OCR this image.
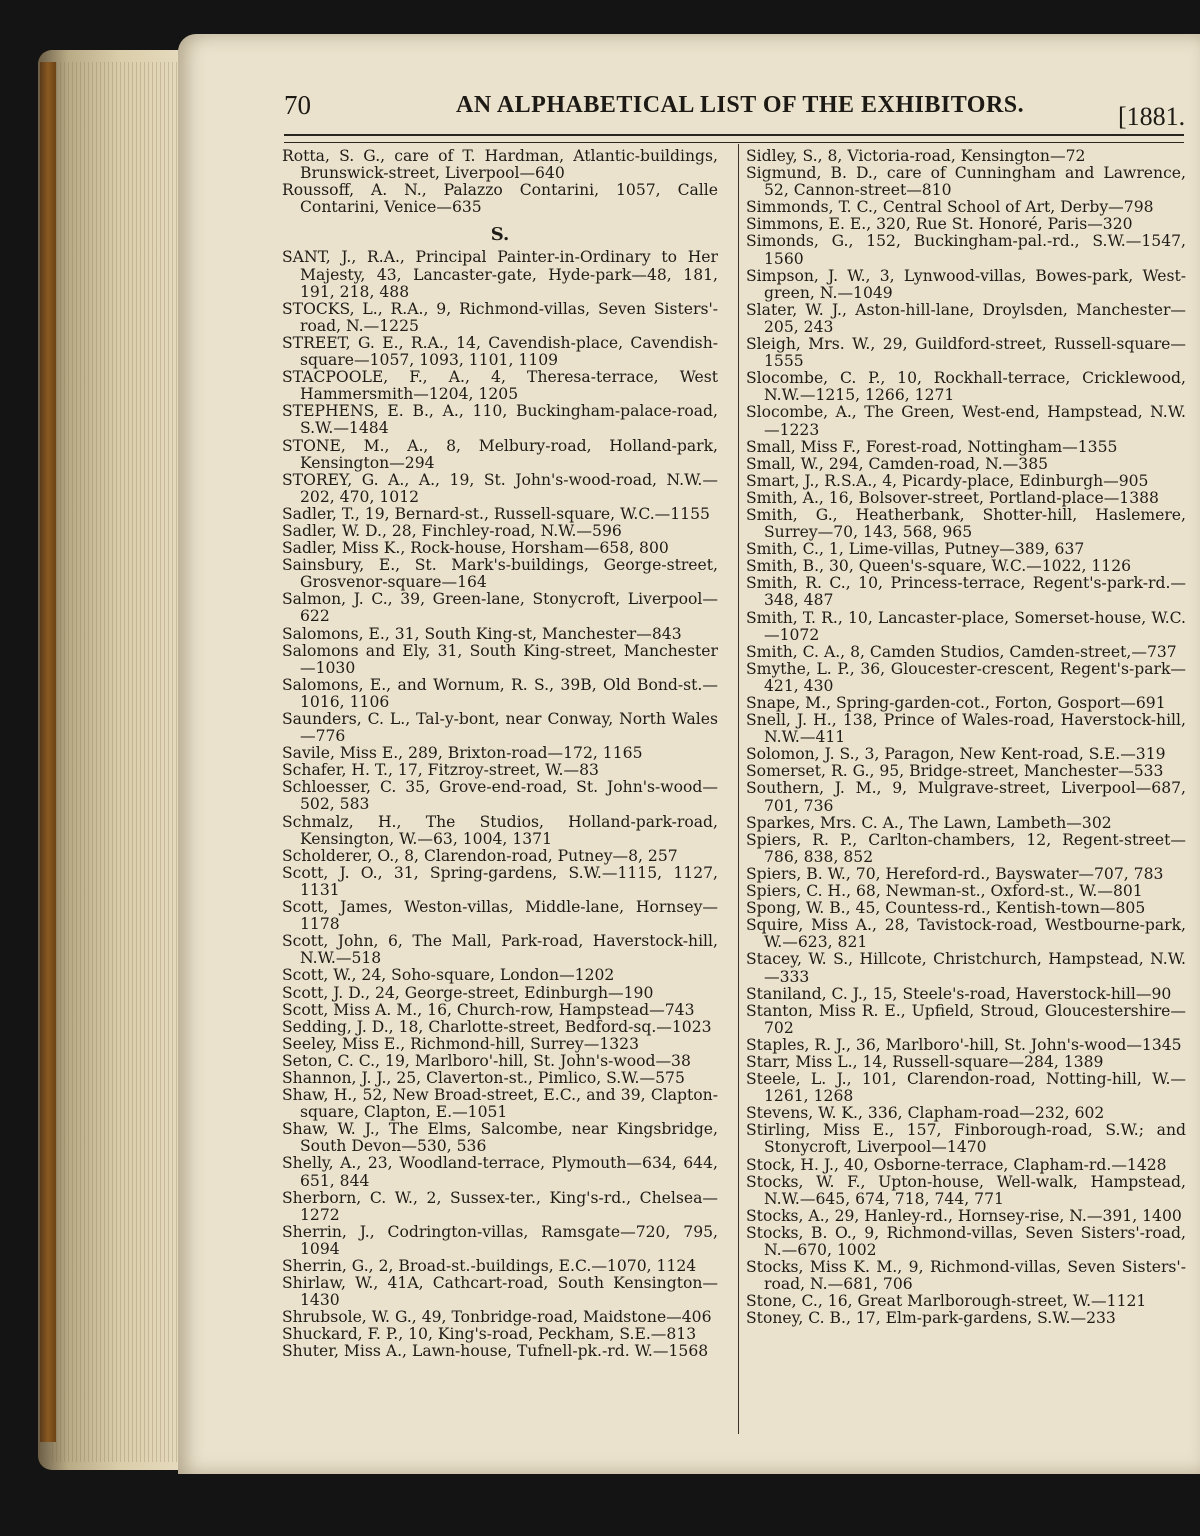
70	AN ALPHABETICAL LIST OF THE EXHIBITORS.	[1881.

Rotta, S. G., care of T. Hardman, Atlantic-buildings, Brunswick-street, Liverpool—640

Roussoff, A. N., Palazzo Contarini, 1057, Calle Contarini, Venice—635

S.

SANT, J., R.A., Principal Painter-in-Ordinary to Her Majesty, 43, Lancaster-gate, Hyde-park—48, 181, 191, 218, 488

STOCKS, L., R.A., 9, Richmond-villas, Seven Sisters'-road, N.—1225

STREET, G. E., R.A., 14, Cavendish-place, Cavendish-square—1057, 1093, 1101, 1109

STACPOOLE, F., A., 4, Theresa-terrace, West Hammersmith—1204, 1205

STEPHENS, E. B., A., 110, Buckingham-palace-road, S.W.—1484

STONE, M., A., 8, Melbury-road, Holland-park, Kensington—294

STOREY, G. A., A., 19, St. John's-wood-road, N.W.—202, 470, 1012

Sadler, T., 19, Bernard-st., Russell-square, W.C.—1155

Sadler, W. D., 28, Finchley-road, N.W.—596

Sadler, Miss K., Rock-house, Horsham—658, 800

Sainsbury, E., St. Mark's-buildings, George-street, Grosvenor-square—164

Salmon, J. C., 39, Green-lane, Stonycroft, Liverpool—622

Salomons, E., 31, South King-st, Manchester—843

Salomons and Ely, 31, South King-street, Manchester—1030

Salomons, E., and Wornum, R. S., 39B, Old Bond-st.—1016, 1106

Saunders, C. L., Tal-y-bont, near Conway, North Wales—776

Savile, Miss E., 289, Brixton-road—172, 1165

Schafer, H. T., 17, Fitzroy-street, W.—83

Schloesser, C. 35, Grove-end-road, St. John's-wood—502, 583

Schmalz, H., The Studios, Holland-park-road, Kensington, W.—63, 1004, 1371

Scholderer, O., 8, Clarendon-road, Putney—8, 257

Scott, J. O., 31, Spring-gardens, S.W.—1115, 1127, 1131

Scott, James, Weston-villas, Middle-lane, Hornsey—1178

Scott, John, 6, The Mall, Park-road, Haverstock-hill, N.W.—518

Scott, W., 24, Soho-square, London—1202

Scott, J. D., 24, George-street, Edinburgh—190

Scott, Miss A. M., 16, Church-row, Hampstead—743

Sedding, J. D., 18, Charlotte-street, Bedford-sq.—1023

Seeley, Miss E., Richmond-hill, Surrey—1323

Seton, C. C., 19, Marlboro'-hill, St. John's-wood—38

Shannon, J. J., 25, Claverton-st., Pimlico, S.W.—575

Shaw, H., 52, New Broad-street, E.C., and 39, Clapton-square, Clapton, E.—1051

Shaw, W. J., The Elms, Salcombe, near Kingsbridge, South Devon—530, 536

Shelly, A., 23, Woodland-terrace, Plymouth—634, 644, 651, 844

Sherborn, C. W., 2, Sussex-ter., King's-rd., Chelsea—1272

Sherrin, J., Codrington-villas, Ramsgate—720, 795, 1094

Sherrin, G., 2, Broad-st.-buildings, E.C.—1070, 1124

Shirlaw, W., 41A, Cathcart-road, South Kensington—1430

Shrubsole, W. G., 49, Tonbridge-road, Maidstone—406

Shuckard, F. P., 10, King's-road, Peckham, S.E.—813

Shuter, Miss A., Lawn-house, Tufnell-pk.-rd. W.—1568

Sidley, S., 8, Victoria-road, Kensington—72

Sigmund, B. D., care of Cunningham and Lawrence, 52, Cannon-street—810

Simmonds, T. C., Central School of Art, Derby—798

Simmons, E. E., 320, Rue St. Honoré, Paris—320

Simonds, G., 152, Buckingham-pal.-rd., S.W.—1547, 1560

Simpson, J. W., 3, Lynwood-villas, Bowes-park, West-green, N.—1049

Slater, W. J., Aston-hill-lane, Droylsden, Manchester—205, 243

Sleigh, Mrs. W., 29, Guildford-street, Russell-square—1555

Slocombe, C. P., 10, Rockhall-terrace, Cricklewood, N.W.—1215, 1266, 1271

Slocombe, A., The Green, West-end, Hampstead, N.W.—1223

Small, Miss F., Forest-road, Nottingham—1355

Small, W., 294, Camden-road, N.—385

Smart, J., R.S.A., 4, Picardy-place, Edinburgh—905

Smith, A., 16, Bolsover-street, Portland-place—1388

Smith, G., Heatherbank, Shotter-hill, Haslemere, Surrey—70, 143, 568, 965

Smith, C., 1, Lime-villas, Putney—389, 637

Smith, B., 30, Queen's-square, W.C.—1022, 1126

Smith, R. C., 10, Princess-terrace, Regent's-park-rd.—348, 487

Smith, T. R., 10, Lancaster-place, Somerset-house, W.C.—1072

Smith, C. A., 8, Camden Studios, Camden-street,—737

Smythe, L. P., 36, Gloucester-crescent, Regent's-park—421, 430

Snape, M., Spring-garden-cot., Forton, Gosport—691

Snell, J. H., 138, Prince of Wales-road, Haverstock-hill, N.W.—411

Solomon, J. S., 3, Paragon, New Kent-road, S.E.—319

Somerset, R. G., 95, Bridge-street, Manchester—533

Southern, J. M., 9, Mulgrave-street, Liverpool—687, 701, 736

Sparkes, Mrs. C. A., The Lawn, Lambeth—302

Spiers, R. P., Carlton-chambers, 12, Regent-street—786, 838, 852

Spiers, B. W., 70, Hereford-rd., Bayswater—707, 783

Spiers, C. H., 68, Newman-st., Oxford-st., W.—801

Spong, W. B., 45, Countess-rd., Kentish-town—805

Squire, Miss A., 28, Tavistock-road, Westbourne-park, W.—623, 821

Stacey, W. S., Hillcote, Christchurch, Hampstead, N.W.—333

Staniland, C. J., 15, Steele's-road, Haverstock-hill—90

Stanton, Miss R. E., Upfield, Stroud, Gloucestershire—702

Staples, R. J., 36, Marlboro'-hill, St. John's-wood—1345

Starr, Miss L., 14, Russell-square—284, 1389

Steele, L. J., 101, Clarendon-road, Notting-hill, W.—1261, 1268

Stevens, W. K., 336, Clapham-road—232, 602

Stirling, Miss E., 157, Finborough-road, S.W.; and Stonycroft, Liverpool—1470

Stock, H. J., 40, Osborne-terrace, Clapham-rd.—1428

Stocks, W. F., Upton-house, Well-walk, Hampstead, N.W.—645, 674, 718, 744, 771

Stocks, A., 29, Hanley-rd., Hornsey-rise, N.—391, 1400

Stocks, B. O., 9, Richmond-villas, Seven Sisters'-road, N.—670, 1002

Stocks, Miss K. M., 9, Richmond-villas, Seven Sisters'-road, N.—681, 706

Stone, C., 16, Great Marlborough-street, W.—1121

Stoney, C. B., 17, Elm-park-gardens, S.W.—233
